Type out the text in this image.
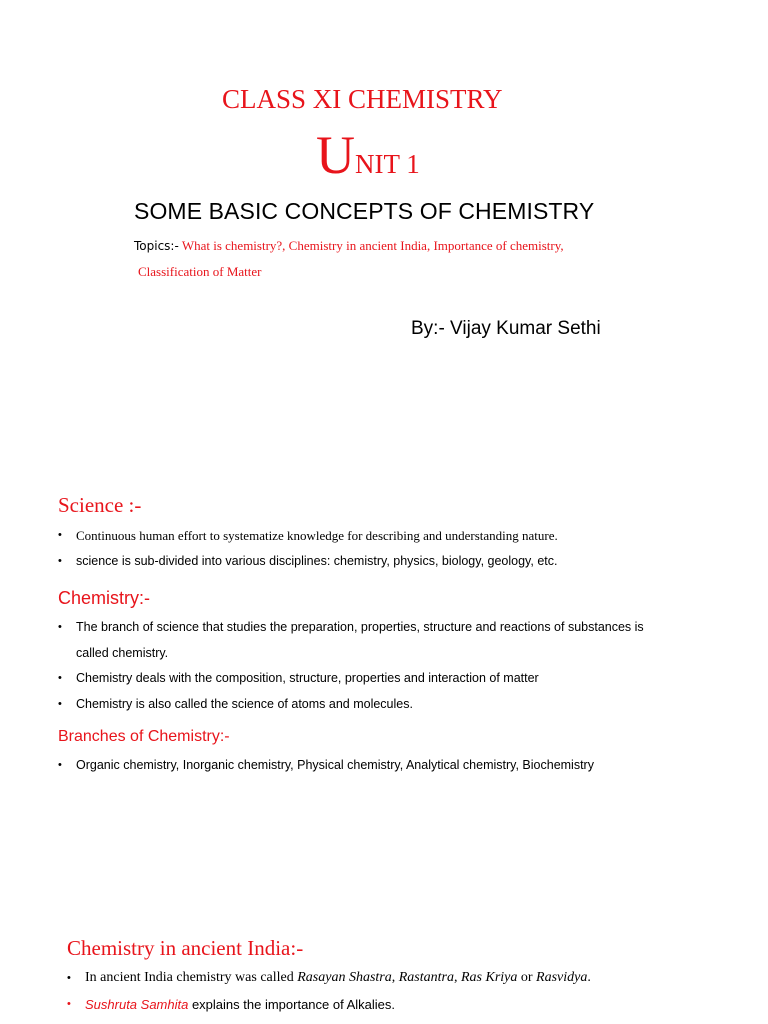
CLASS XI CHEMISTRY
UNIT 1
SOME BASIC CONCEPTS OF CHEMISTRY
Topics:- What is chemistry?, Chemistry in ancient India, Importance of chemistry,
Classification of Matter
By:- Vijay Kumar Sethi
Science :-
• Continuous human effort to systematize knowledge for describing and understanding nature.
• science is sub-divided into various disciplines: chemistry, physics, biology, geology, etc.
Chemistry:-
• The branch of science that studies the preparation, properties, structure and reactions of substances is
called chemistry.
• Chemistry deals with the composition, structure, properties and interaction of matter
• Chemistry is also called the science of atoms and molecules.
Branches of Chemistry:-
• Organic chemistry, Inorganic chemistry, Physical chemistry, Analytical chemistry, Biochemistry
Chemistry in ancient India:-
• In ancient India chemistry was called Rasayan Shastra, Rastantra, Ras Kriya or Rasvidya.
• Sushruta Samhita explains the importance of Alkalies.
